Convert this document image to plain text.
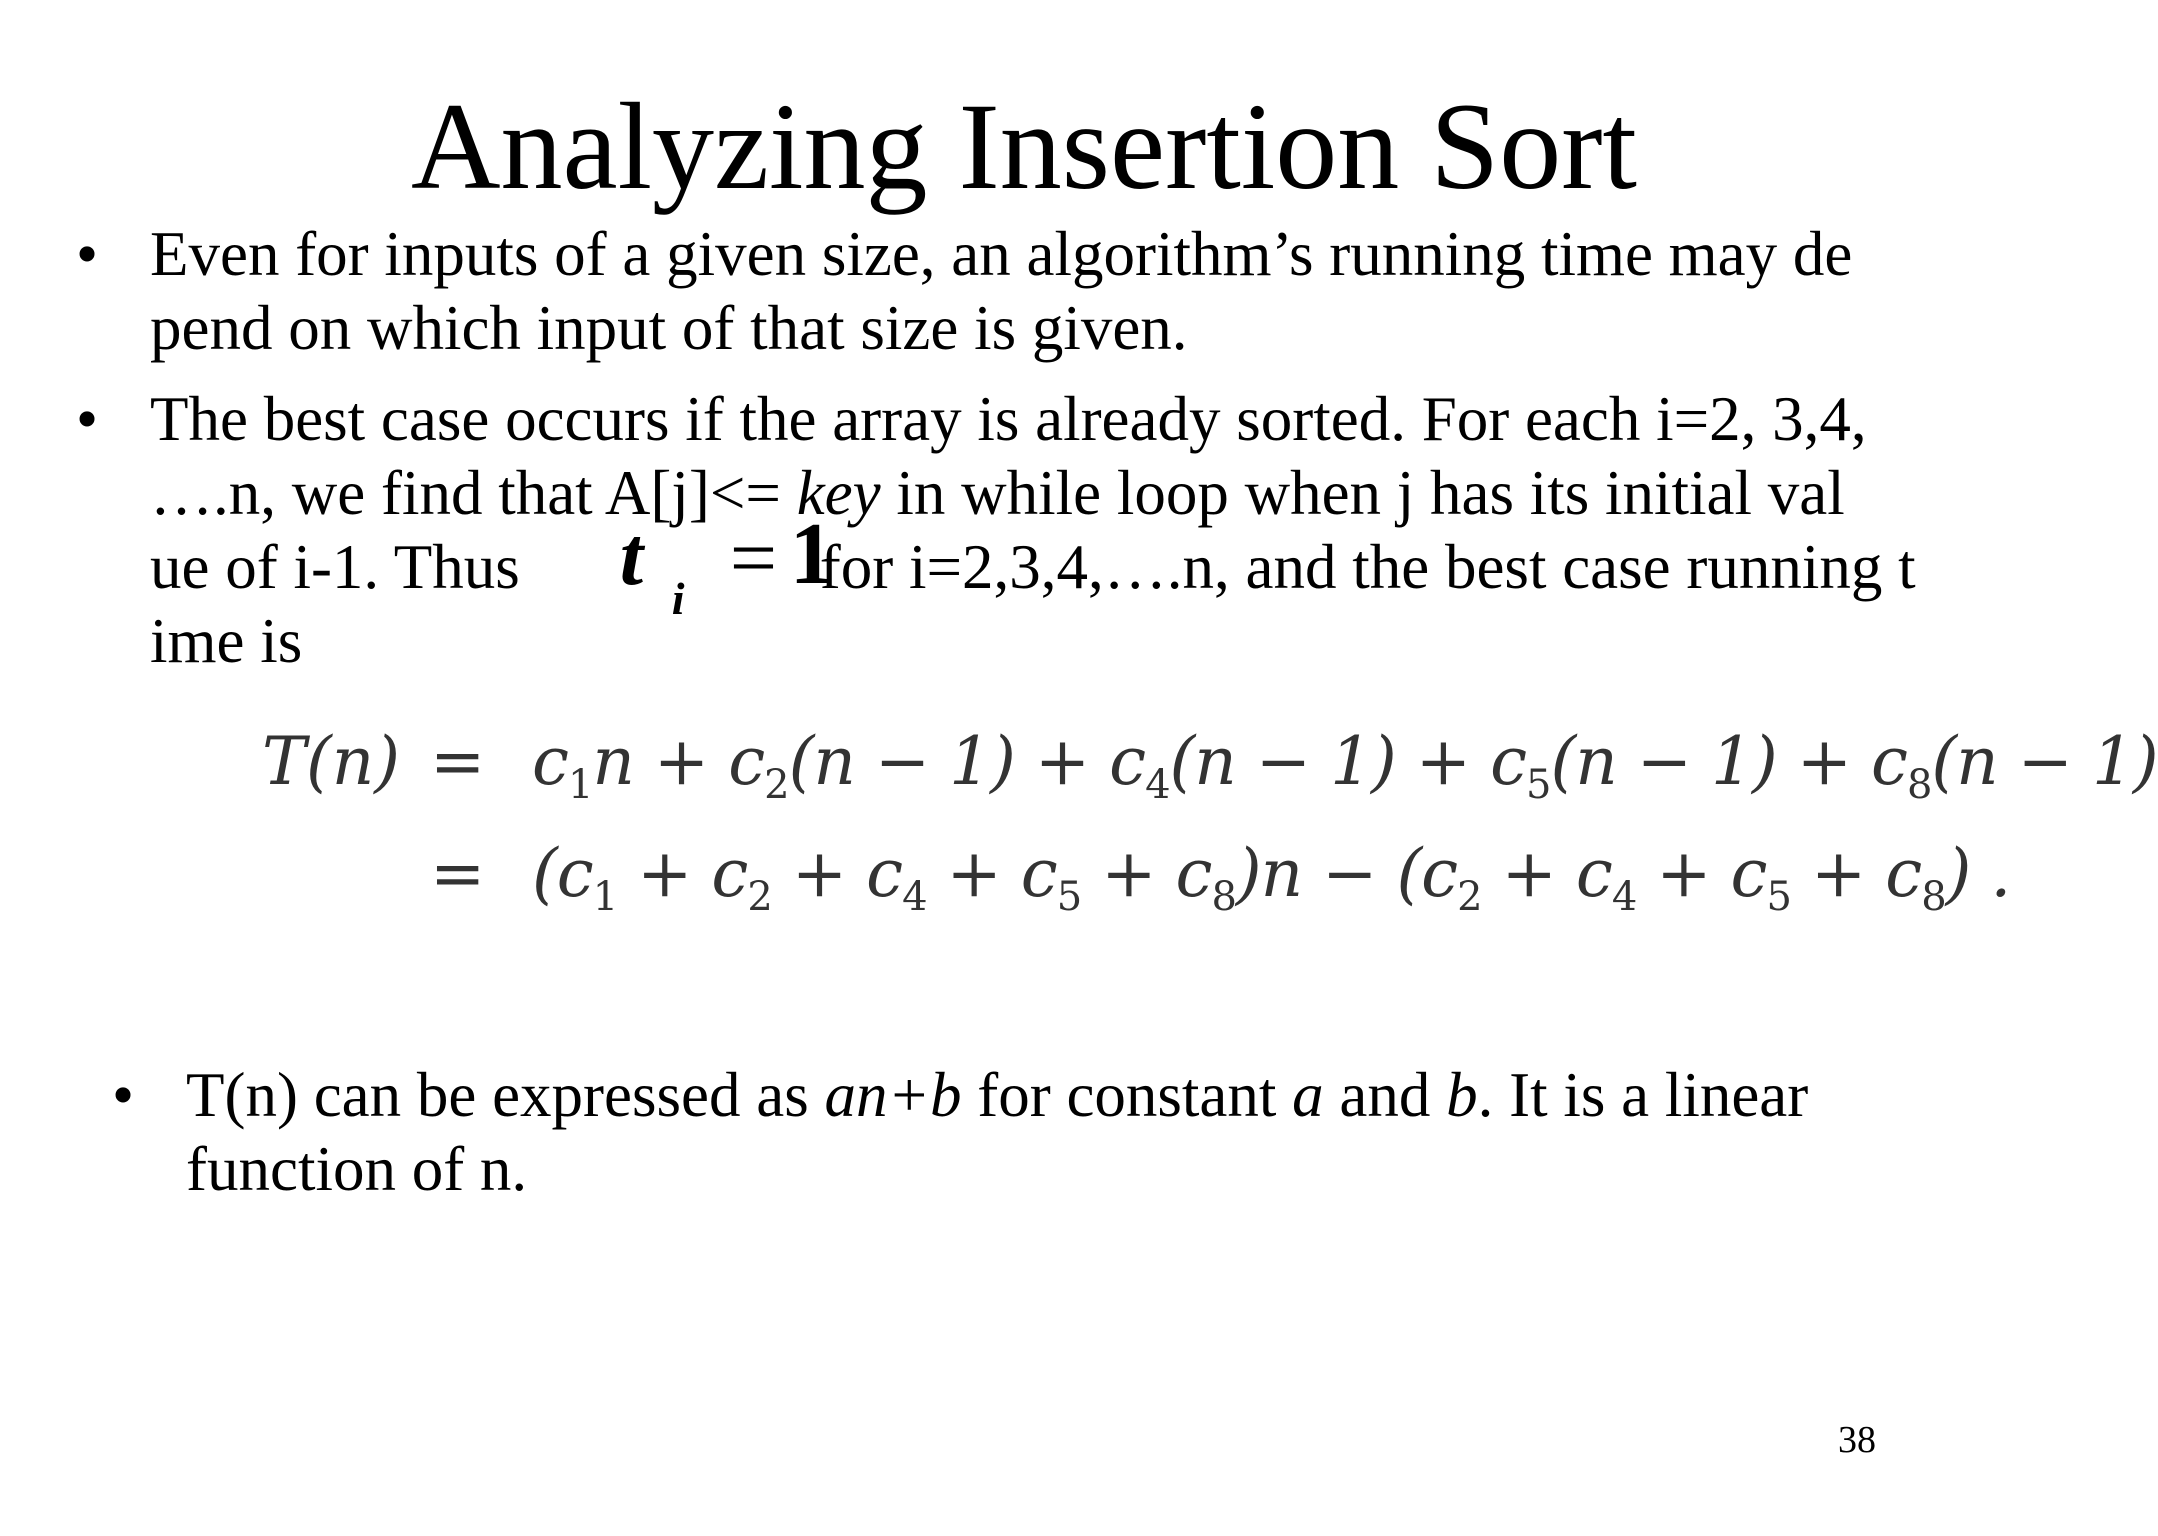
Analyzing Insertion Sort
• Even for inputs of a given size, an algorithm’s running time may de
pend on which input of that size is given.
• The best case occurs if the array is already sorted. For each i=2, 3,4,
….n, we find that A[j]<= key in while loop when j has its initial val
ue of i-1. Thus t i = 1
for i=2,3,4,….n, and the best case running t
ime is
$T(n) = c_1n + c_2(n - 1) + c_4(n - 1) + c_5(n - 1) + c_8(n - 1)$
= $(c_1 + c_2 + c_4 + c_5 + c_8)n - (c_2 + c_4 + c_5 + c_8)$ .
• T(n) can be expressed as an+b for constant a and b. It is a linear
function of n.
38
